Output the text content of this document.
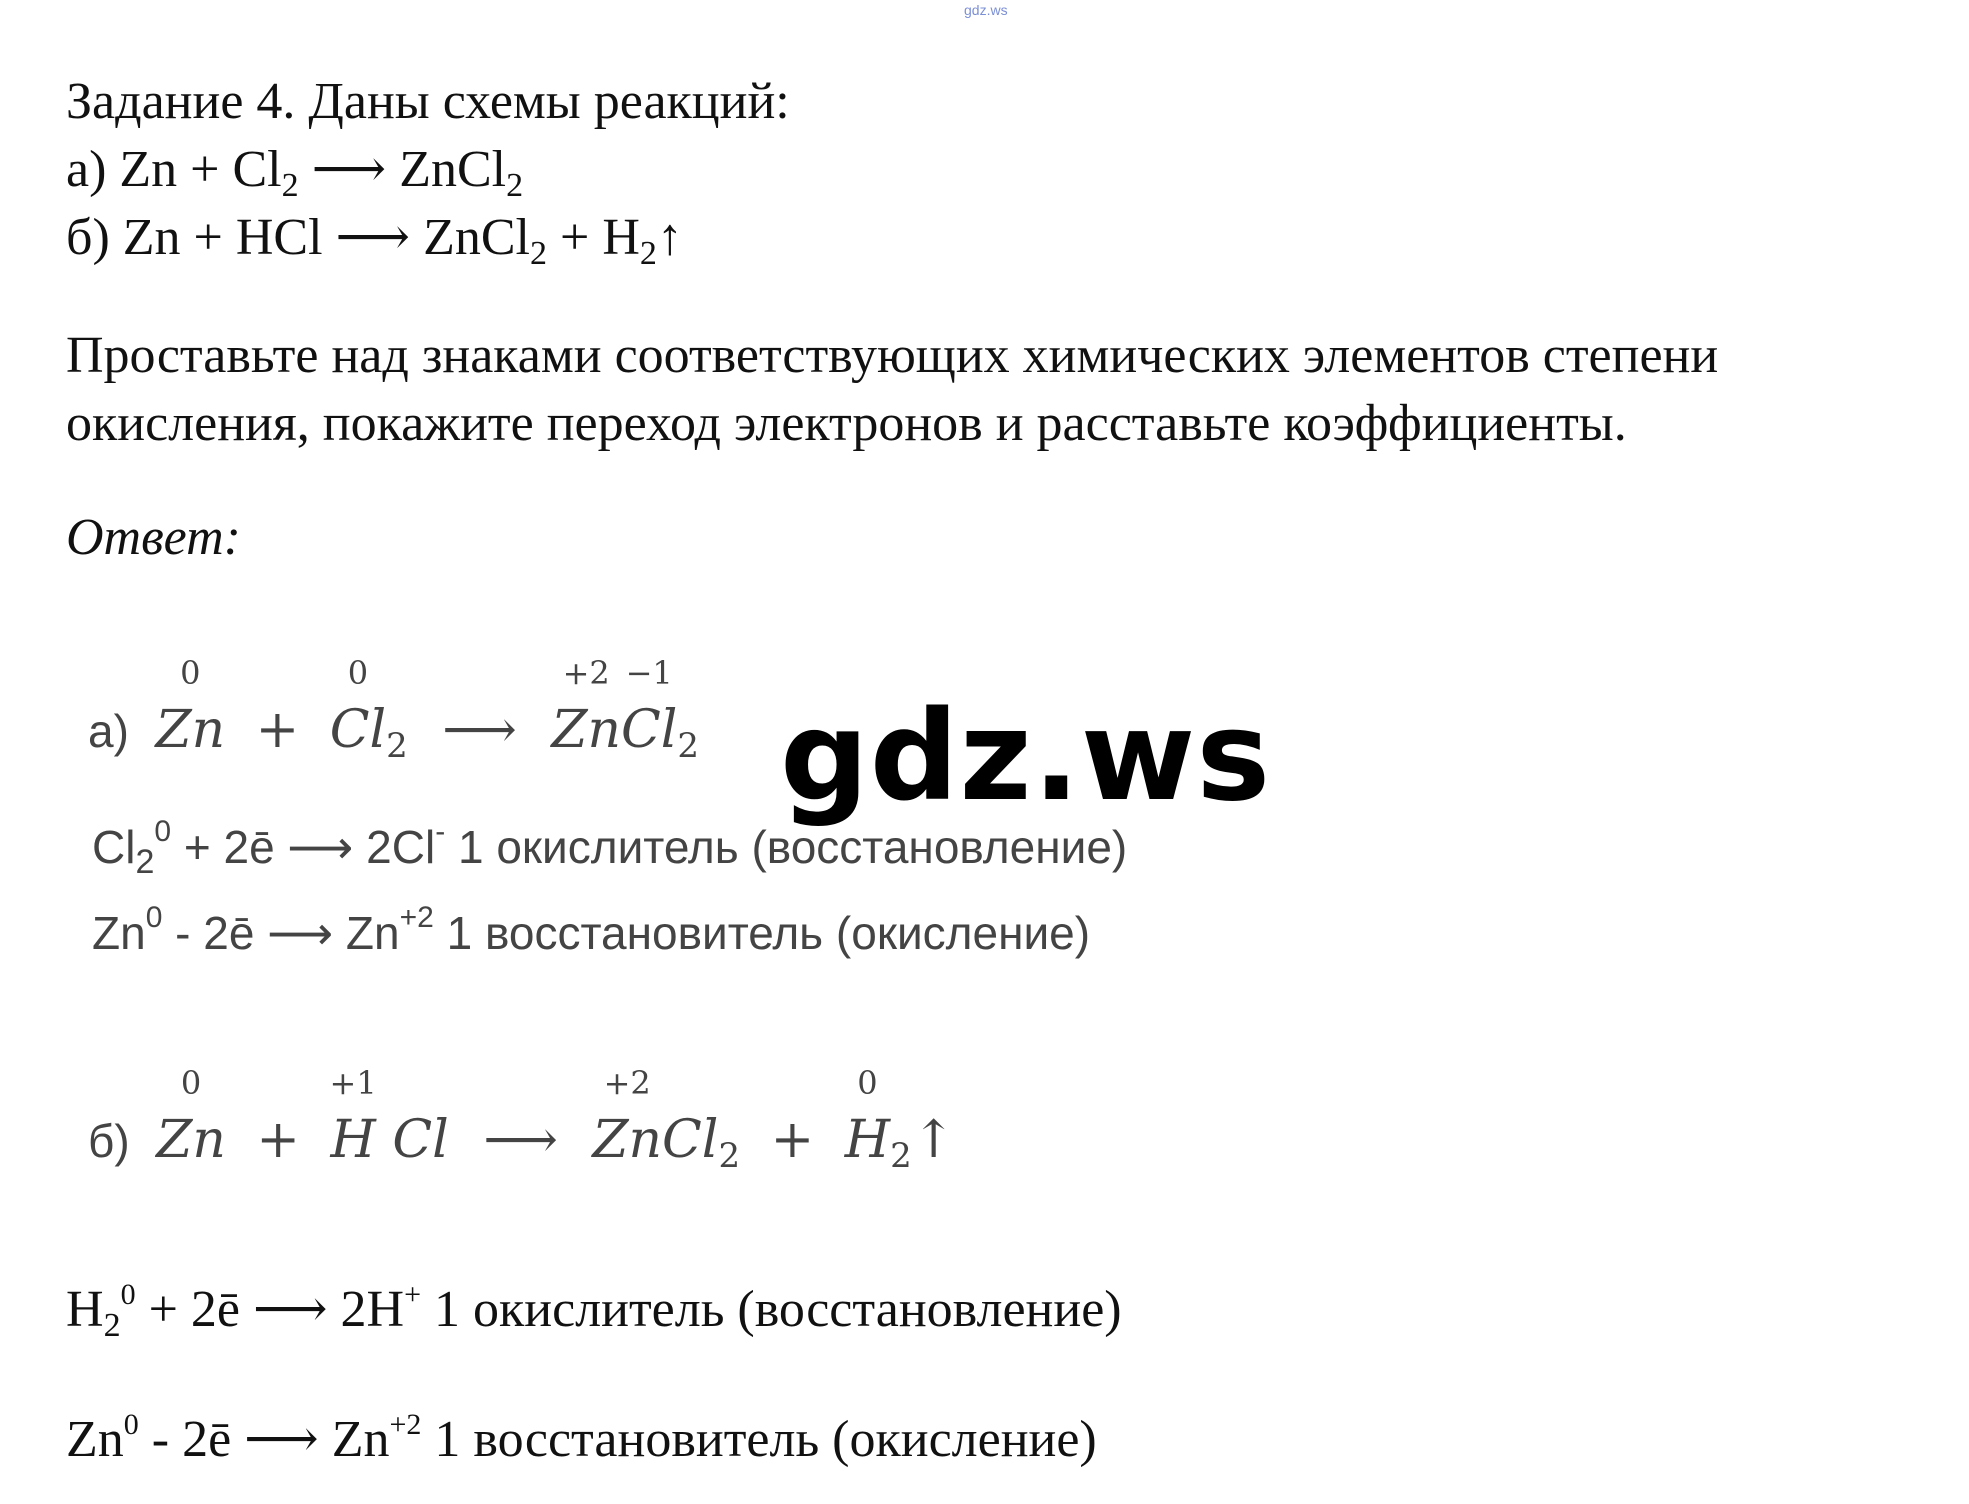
gdz.ws
Задание 4. Даны схемы реакций:
а) $Zn + Cl_2$ ⟶ ZnCl$_2$
б) Zn + HCl ⟶ ZnCl$_2$ + $H_2↑$
Проставьте над знаками соответствующих химических элементов степени
окисления, покажите переход электронов и расставьте коэффициенты.
Ответ:
а)
0
Zn +
0
$Cl_2$ ⟶
+2
Zn
−1
$Cl_2$ gdz.ws
$Cl_2^0$ + 2ē ⟶ 2Cl- 1 окислитель (восстановление)
Zn$^0$ - 2ē ⟶ $Zn^{+2}$ 1 восстановитель (окисление)
б)
0
Zn +
+1
H Cl ⟶
+2
ZnCl$_2$ +
0
$H_2↑$
$H_2^0$ + 2ē ⟶ 2H+ 1 окислитель (восстановление)
Zn$^0$ - 2ē ⟶ $Zn^{+2}$ 1 восстановитель (окисление)
